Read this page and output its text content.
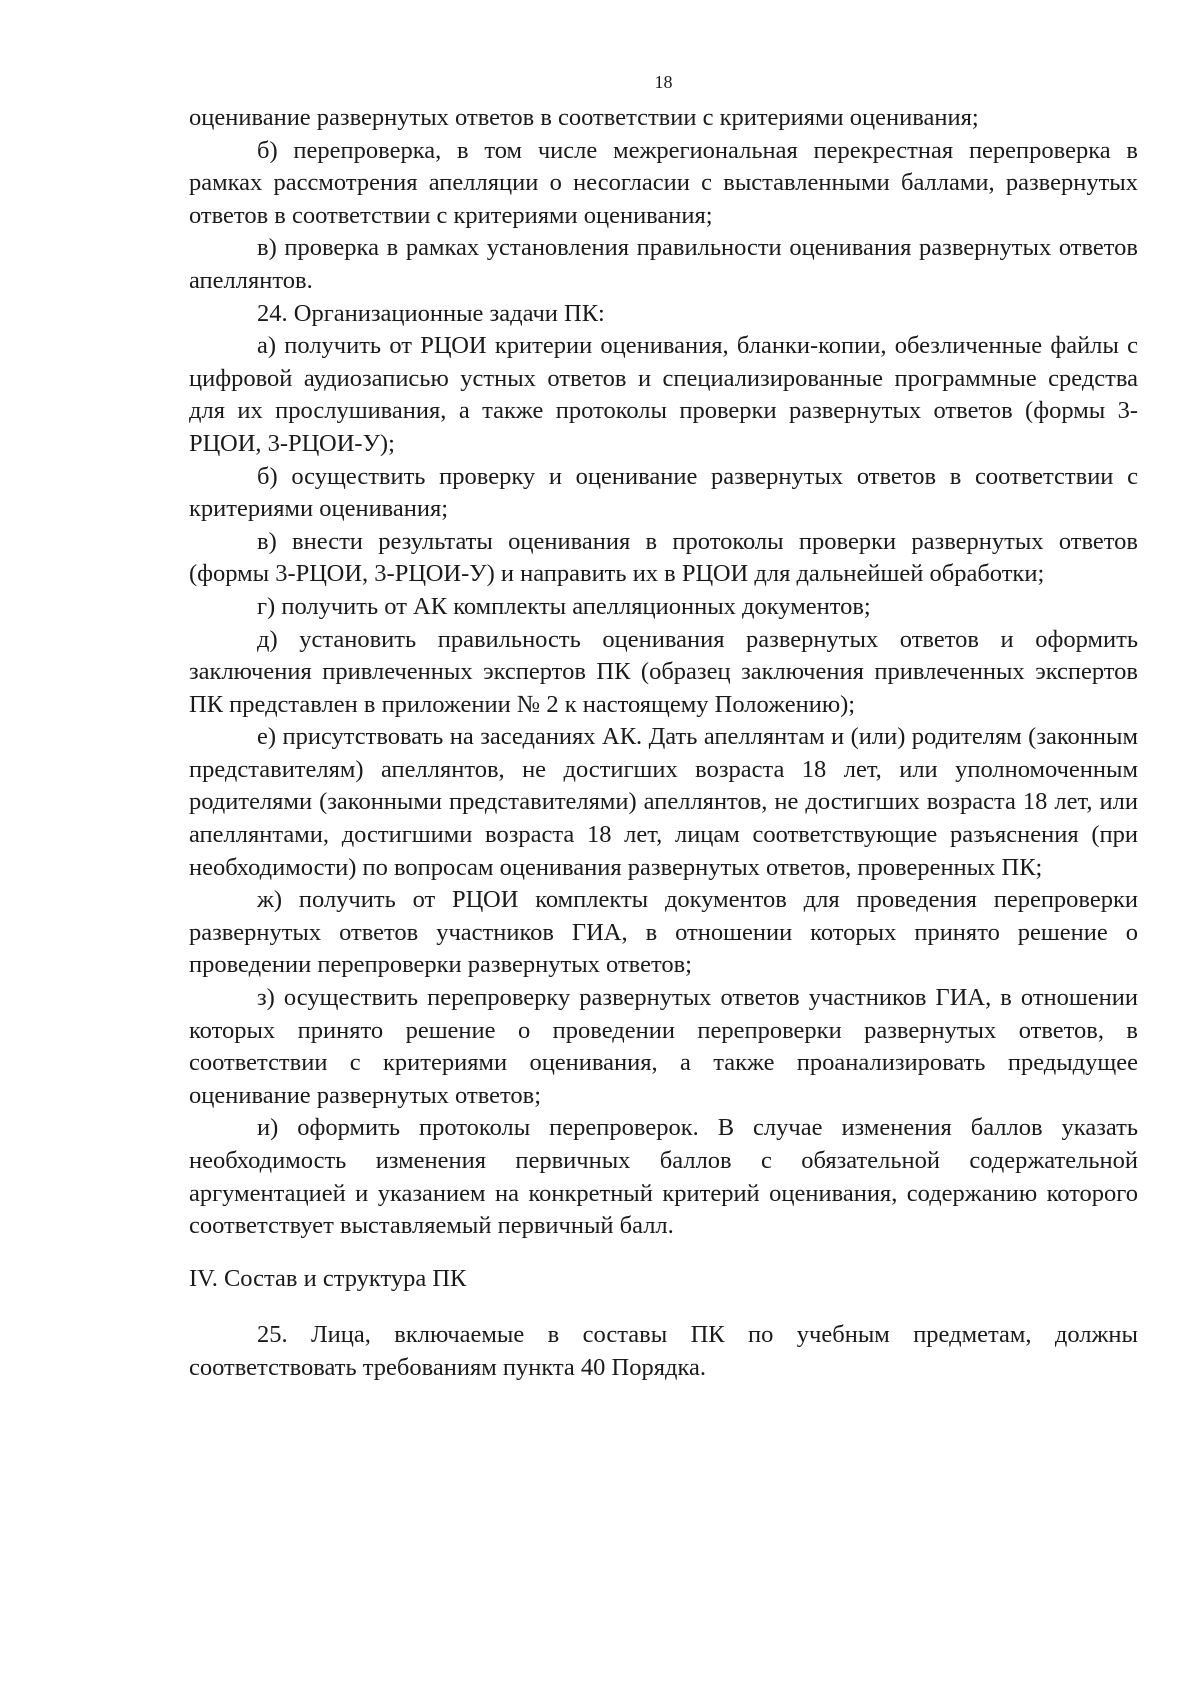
18

оценивание развернутых ответов в соответствии с критериями оценивания;

б) перепроверка, в том числе межрегиональная перекрестная перепроверка в рамках рассмотрения апелляции о несогласии с выставленными баллами, развернутых ответов в соответствии с критериями оценивания;

в) проверка в рамках установления правильности оценивания развернутых ответов апеллянтов.

24. Организационные задачи ПК:

а) получить от РЦОИ критерии оценивания, бланки-копии, обезличенные файлы с цифровой аудиозаписью устных ответов и специализированные программные средства для их прослушивания, а также протоколы проверки развернутых ответов (формы 3-РЦОИ, 3-РЦОИ-У);

б) осуществить проверку и оценивание развернутых ответов в соответствии с критериями оценивания;

в) внести результаты оценивания в протоколы проверки развернутых ответов (формы 3-РЦОИ, 3-РЦОИ-У) и направить их в РЦОИ для дальнейшей обработки;

г) получить от АК комплекты апелляционных документов;

д) установить правильность оценивания развернутых ответов и оформить заключения привлеченных экспертов ПК (образец заключения привлеченных экспертов ПК представлен в приложении № 2 к настоящему Положению);

е) присутствовать на заседаниях АК. Дать апеллянтам и (или) родителям (законным представителям) апеллянтов, не достигших возраста 18 лет, или уполномоченным родителями (законными представителями) апеллянтов, не достигших возраста 18 лет, или апеллянтами, достигшими возраста 18 лет, лицам соответствующие разъяснения (при необходимости) по вопросам оценивания развернутых ответов, проверенных ПК;

ж) получить от РЦОИ комплекты документов для проведения перепроверки развернутых ответов участников ГИА, в отношении которых принято решение о проведении перепроверки развернутых ответов;

з) осуществить перепроверку развернутых ответов участников ГИА, в отношении которых принято решение о проведении перепроверки развернутых ответов, в соответствии с критериями оценивания, а также проанализировать предыдущее оценивание развернутых ответов;

и) оформить протоколы перепроверок. В случае изменения баллов указать необходимость изменения первичных баллов с обязательной содержательной аргументацией и указанием на конкретный критерий оценивания, содержанию которого соответствует выставляемый первичный балл.

IV. Состав и структура ПК

25. Лица, включаемые в составы ПК по учебным предметам, должны соответствовать требованиям пункта 40 Порядка.
